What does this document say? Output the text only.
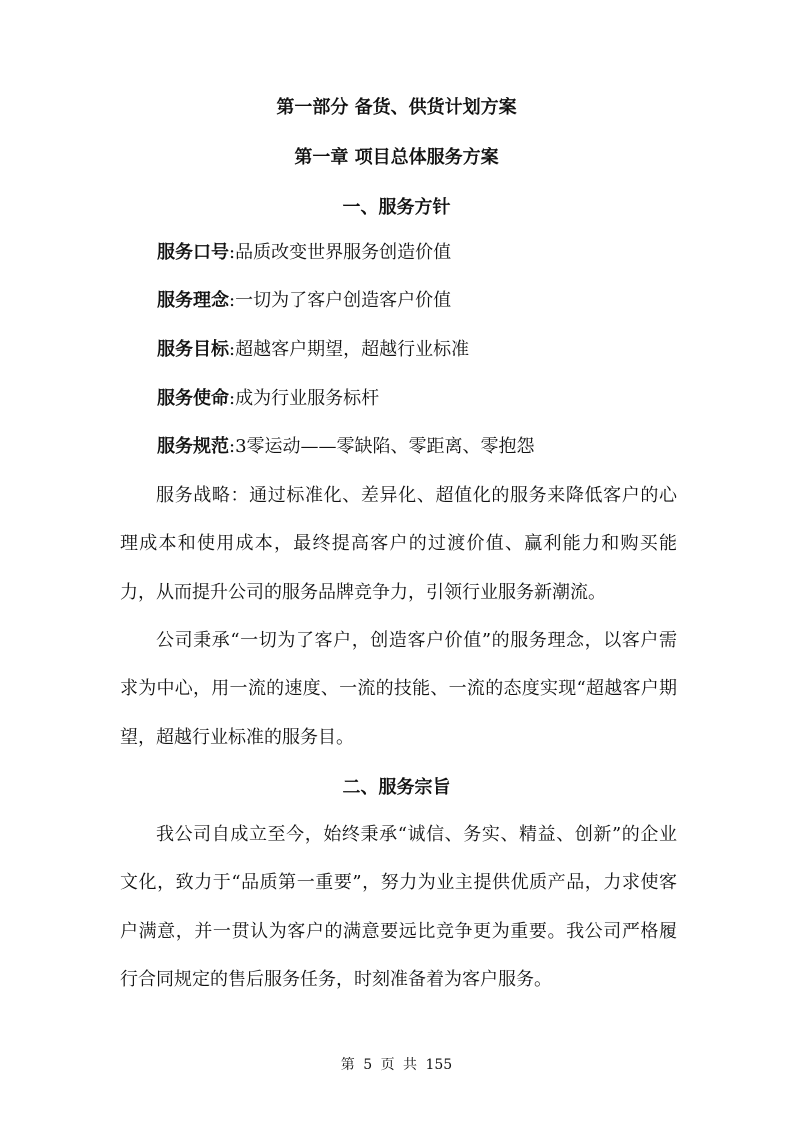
第一部分 备货、供货计划方案
第一章 项目总体服务方案
一、服务方针
服务口号:品质改变世界服务创造价值
服务理念:一切为了客户创造客户价值
服务目标:超越客户期望，超越行业标准
服务使命:成为行业服务标杆
服务规范:3零运动——零缺陷、零距离、零抱怨

服务战略：通过标准化、差异化、超值化的服务来降低客户的心理成本和使用成本，最终提高客户的过渡价值、赢利能力和购买能力，从而提升公司的服务品牌竞争力，引领行业服务新潮流。

公司秉承“一切为了客户，创造客户价值”的服务理念，以客户需求为中心，用一流的速度、一流的技能、一流的态度实现“超越客户期望，超越行业标准的服务目。

二、服务宗旨

我公司自成立至今，始终秉承“诚信、务实、精益、创新”的企业文化，致力于“品质第一重要”，努力为业主提供优质产品，力求使客户满意，并一贯认为客户的满意要远比竞争更为重要。我公司严格履行合同规定的售后服务任务，时刻准备着为客户服务。

第 5 页 共 155
